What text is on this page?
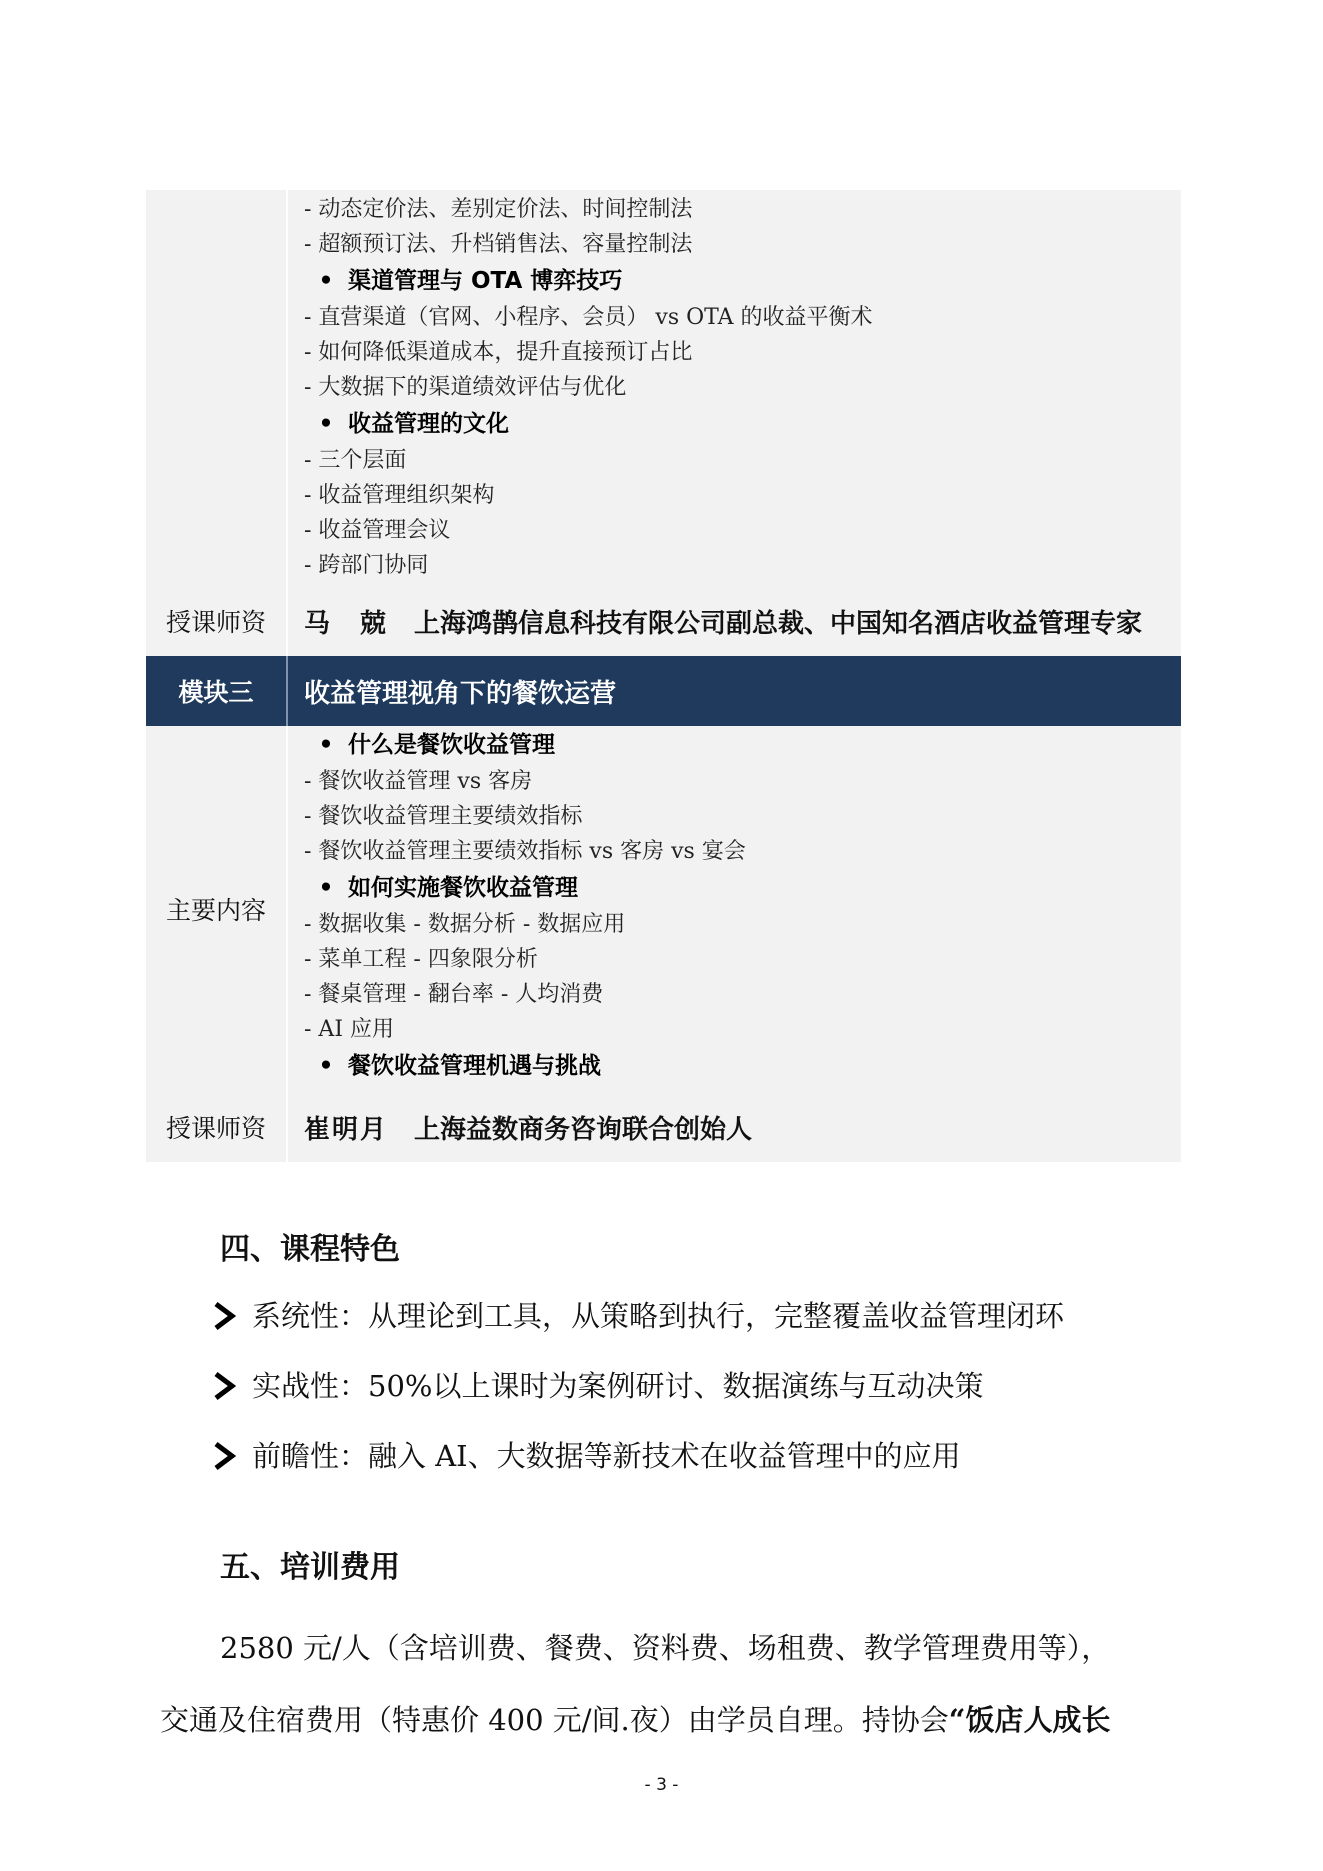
- 动态定价法、差别定价法、时间控制法
- 超额预订法、升档销售法、容量控制法
• 渠道管理与 OTA 博弈技巧
- 直营渠道（官网、小程序、会员） vs OTA 的收益平衡术
- 如何降低渠道成本，提升直接预订占比
- 大数据下的渠道绩效评估与优化
• 收益管理的文化
- 三个层面
- 收益管理组织架构
- 收益管理会议
- 跨部门协同
授课师资	马　兢 上海鸿鹊信息科技有限公司副总裁、中国知名酒店收益管理专家
模块三	收益管理视角下的餐饮运营
主要内容
• 什么是餐饮收益管理
- 餐饮收益管理 vs 客房
- 餐饮收益管理主要绩效指标
- 餐饮收益管理主要绩效指标 vs 客房 vs 宴会
• 如何实施餐饮收益管理
- 数据收集 - 数据分析 - 数据应用
- 菜单工程 - 四象限分析
- 餐桌管理 - 翻台率 - 人均消费
- AI 应用
• 餐饮收益管理机遇与挑战
授课师资	崔明月 上海益数商务咨询联合创始人
四、课程特色
系统性：从理论到工具，从策略到执行，完整覆盖收益管理闭环
实战性：50%以上课时为案例研讨、数据演练与互动决策
前瞻性：融入 AI、大数据等新技术在收益管理中的应用
五、培训费用
2580 元/人（含培训费、餐费、资料费、场租费、教学管理费用等），
交通及住宿费用（特惠价 400 元/间.夜）由学员自理。持协会“饭店人成长
- 3 -
